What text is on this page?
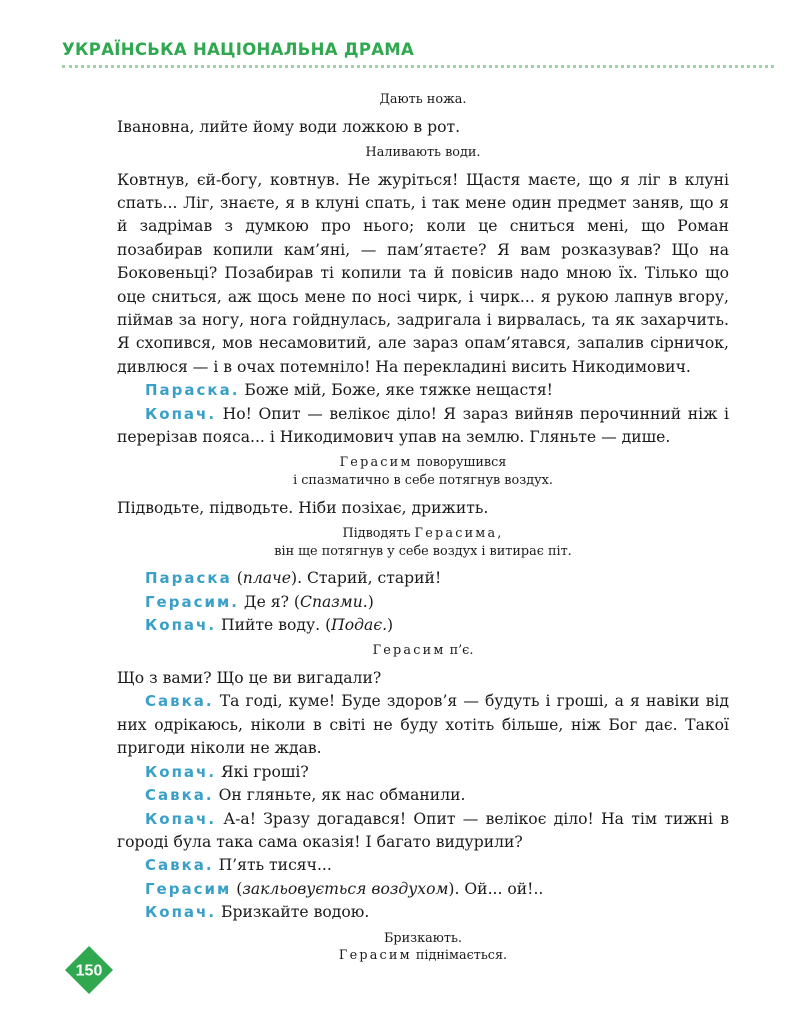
УКРАЇНСЬКА НАЦІОНАЛЬНА ДРАМА
Дають ножа.

Івановна, лийте йому води ложкою в рот.

Наливають води.

Ковтнув, єй-богу, ковтнув. Не журіться! Щастя маєте, що я ліг в клуні спать... Ліг, знаєте, я в клуні спать, і так мене один предмет заняв, що я й задрімав з думкою про нього; коли це сниться мені, що Роман позабирав копили кам’яні, — пам’ятаєте? Я вам розказував? Що на Боковеньці? Позабирав ті копили та й повісив надо мною їх. Тілько що оце сниться, аж щось мене по носі чирк, і чирк... я рукою лапнув вгору, піймав за ногу, нога гойднулась, задригала і вирвалась, та як захарчить. Я схопився, мов несамовитий, але зараз опам’ятався, запалив сірничок, дивлюся — і в очах потемніло! На перекладині висить Никодимович.

Параска. Боже мій, Боже, яке тяжке нещастя!

Копач. Но! Опит — велікоє діло! Я зараз вийняв перочинний ніж і перерізав пояса... і Никодимович упав на землю. Гляньте — дише.

Герасим поворушився
і спазматично в себе потягнув воздух.

Підводьте, підводьте. Ніби позіхає, дрижить.

Підводять Герасима,
він ще потягнув у себе воздух і витирає піт.

Параска (плаче). Старий, старий!

Герасим. Де я? (Спазми.)

Копач. Пийте воду. (Подає.)

Герасим п’є.

Що з вами? Що це ви вигадали?

Савка. Та годі, куме! Буде здоров’я — будуть і гроші, а я навіки від них одрікаюсь, ніколи в світі не буду хотіть більше, ніж Бог дає. Такої пригоди ніколи не ждав.

Копач. Які гроші?

Савка. Он гляньте, як нас обманили.

Копач. А-а! Зразу догадався! Опит — велікоє діло! На тім тижні в городі була така сама оказія! І багато видурили?

Савка. П’ять тисяч...

Герасим (закльовується воздухом). Ой... ой!..

Копач. Бризкайте водою.

Бризкають.
Герасим піднімається.
150
